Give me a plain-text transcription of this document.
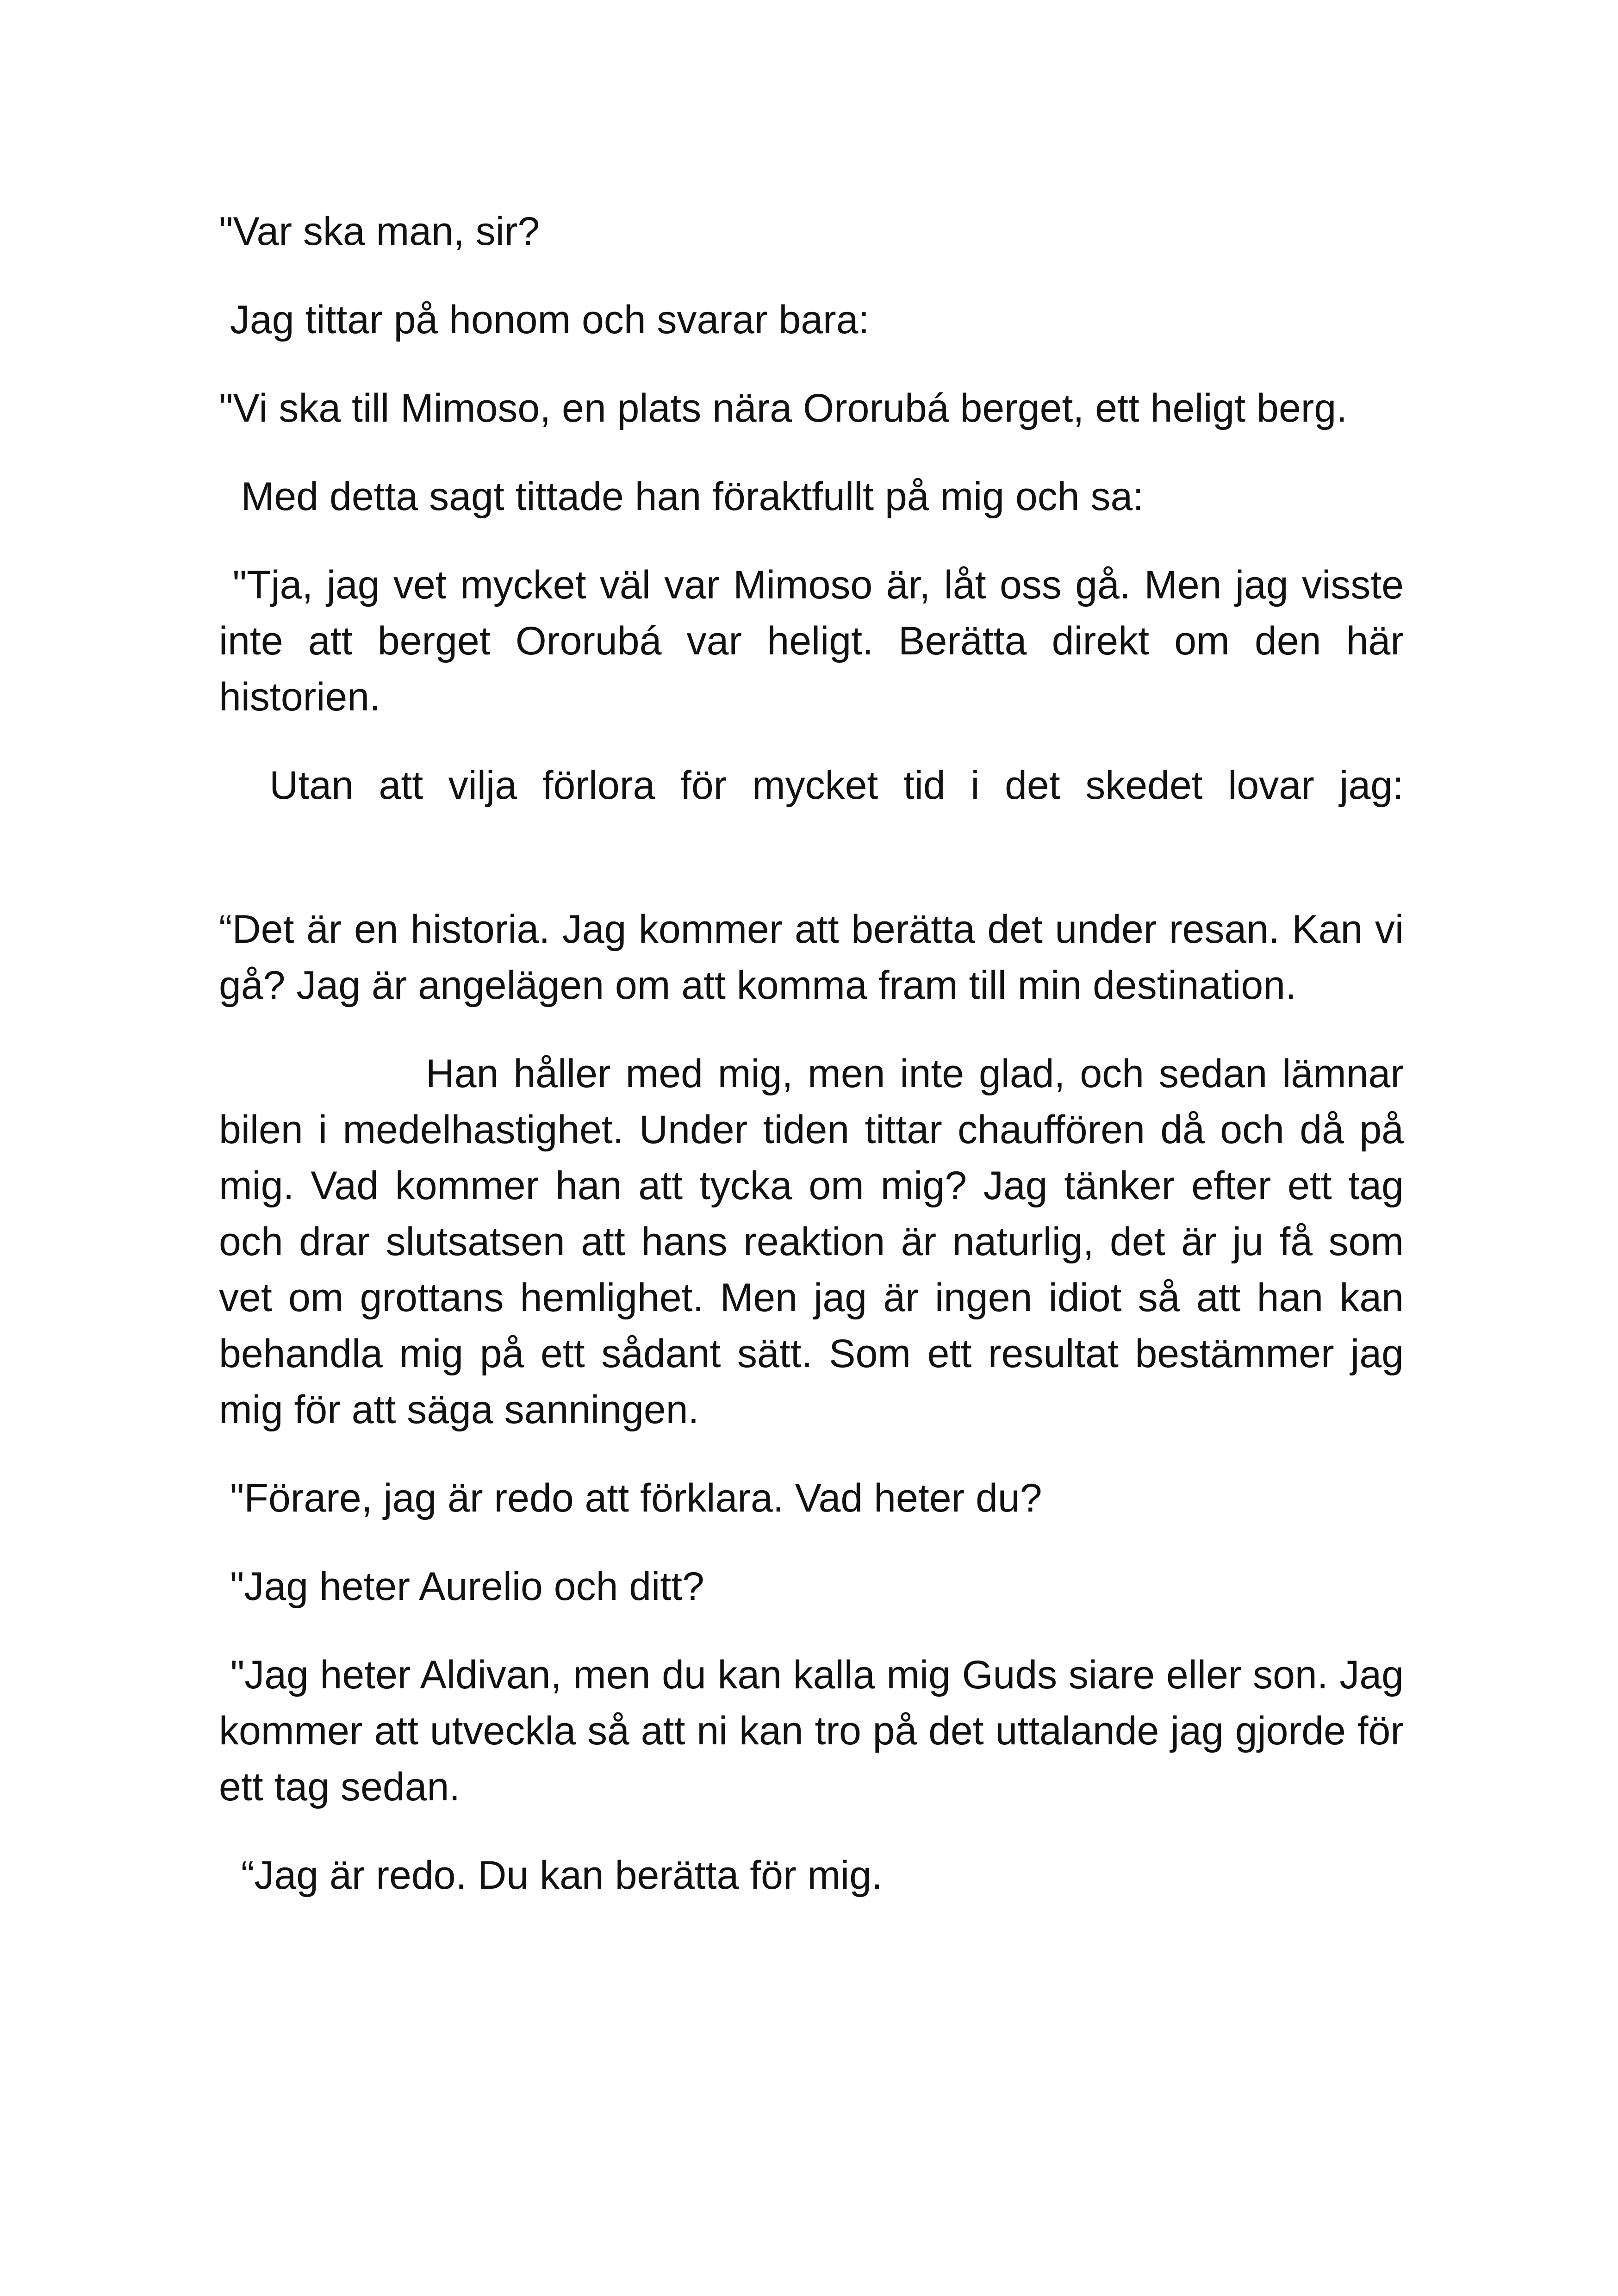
"Var ska man, sir?

Jag tittar på honom och svarar bara:

"Vi ska till Mimoso, en plats nära Ororubá berget, ett heligt berg.

Med detta sagt tittade han föraktfullt på mig och sa:

"Tja, jag vet mycket väl var Mimoso är, låt oss gå. Men jag visste inte att berget Ororubá var heligt. Berätta direkt om den här historien.

Utan att vilja förlora för mycket tid i det skedet lovar jag:

“Det är en historia. Jag kommer att berätta det under resan. Kan vi gå? Jag är angelägen om att komma fram till min destination.

Han håller med mig, men inte glad, och sedan lämnar bilen i medelhastighet. Under tiden tittar chauffören då och då på mig. Vad kommer han att tycka om mig? Jag tänker efter ett tag och drar slutsatsen att hans reaktion är naturlig, det är ju få som vet om grottans hemlighet. Men jag är ingen idiot så att han kan behandla mig på ett sådant sätt. Som ett resultat bestämmer jag mig för att säga sanningen.

"Förare, jag är redo att förklara. Vad heter du?

"Jag heter Aurelio och ditt?

"Jag heter Aldivan, men du kan kalla mig Guds siare eller son. Jag kommer att utveckla så att ni kan tro på det uttalande jag gjorde för ett tag sedan.

“Jag är redo. Du kan berätta för mig.
